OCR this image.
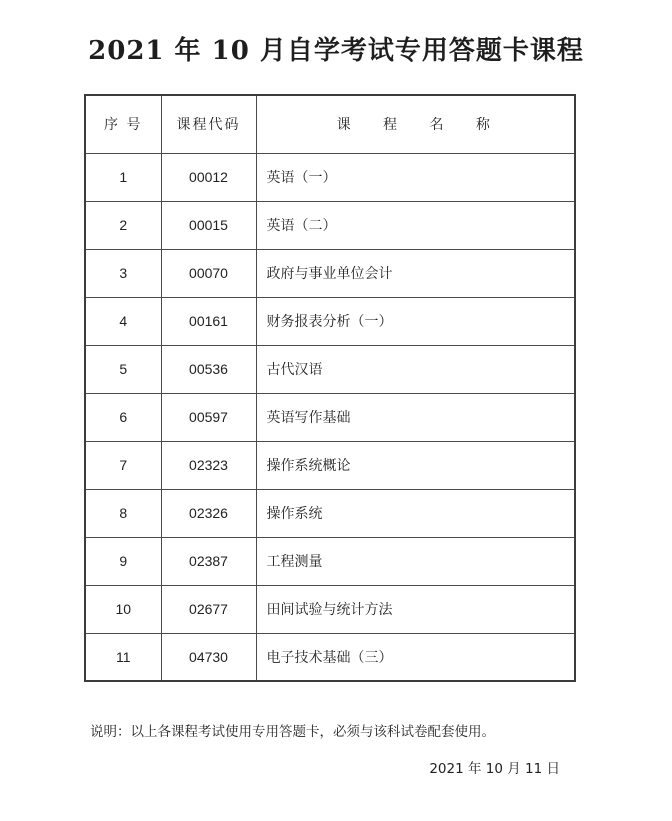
2021 年 10 月自学考试专用答题卡课程
序 号	课程代码	课 程 名 称
1	00012	英语（一）
2	00015	英语（二）
3	00070	政府与事业单位会计
4	00161	财务报表分析（一）
5	00536	古代汉语
6	00597	英语写作基础
7	02323	操作系统概论
8	02326	操作系统
9	02387	工程测量
10	02677	田间试验与统计方法
11	04730	电子技术基础（三）
说明：以上各课程考试使用专用答题卡，必须与该科试卷配套使用。
2021 年 10 月 11 日
